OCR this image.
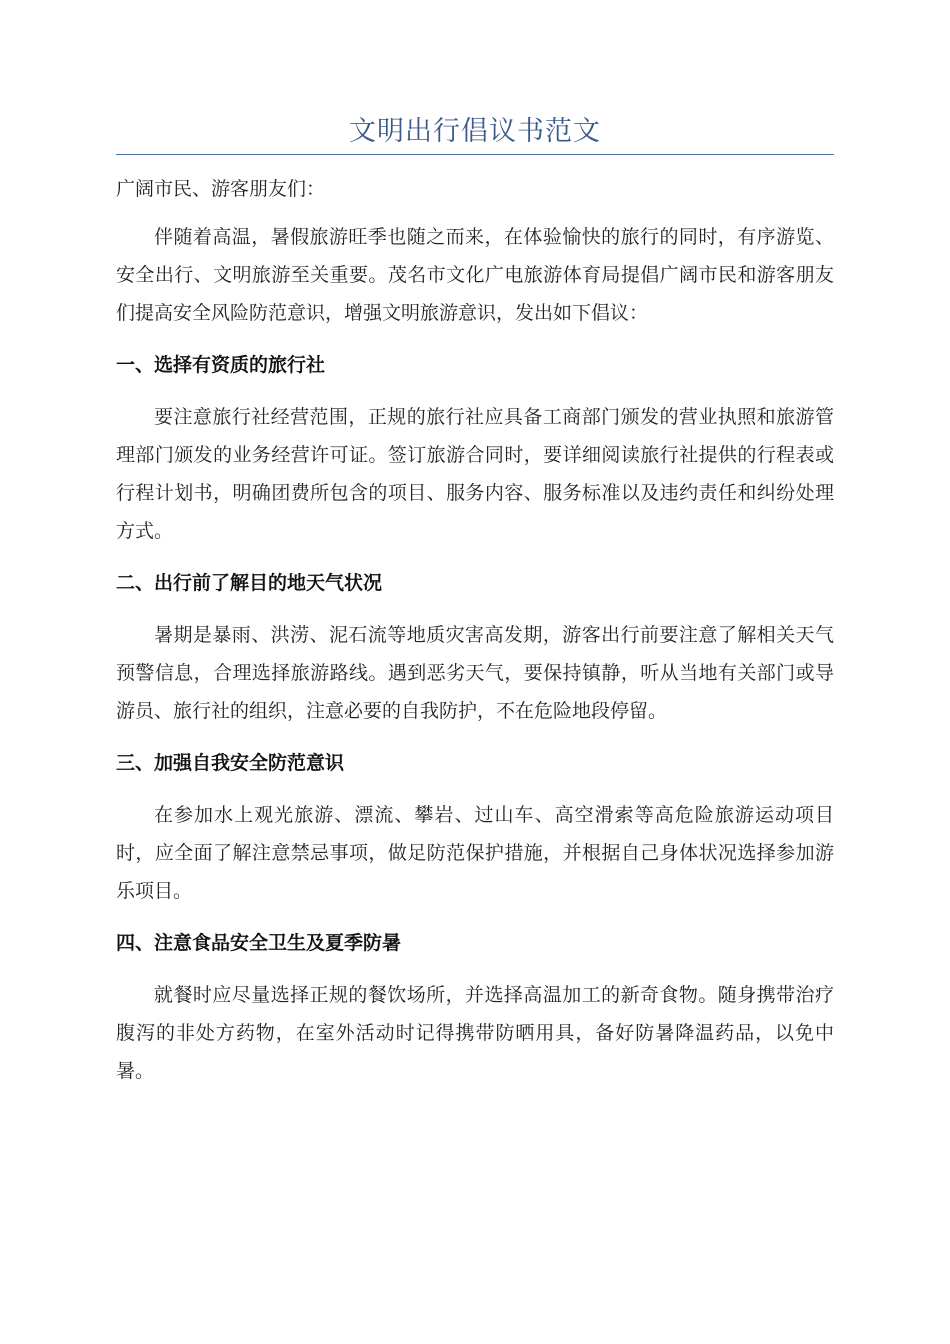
文明出行倡议书范文

广阔市民、游客朋友们：

伴随着高温，暑假旅游旺季也随之而来，在体验愉快的旅行的同时，有序游览、安全出行、文明旅游至关重要。茂名市文化广电旅游体育局提倡广阔市民和游客朋友们提高安全风险防范意识，增强文明旅游意识，发出如下倡议：

一、选择有资质的旅行社

要注意旅行社经营范围，正规的旅行社应具备工商部门颁发的营业执照和旅游管理部门颁发的业务经营许可证。签订旅游合同时，要详细阅读旅行社提供的行程表或行程计划书，明确团费所包含的项目、服务内容、服务标准以及违约责任和纠纷处理方式。

二、出行前了解目的地天气状况

暑期是暴雨、洪涝、泥石流等地质灾害高发期，游客出行前要注意了解相关天气预警信息，合理选择旅游路线。遇到恶劣天气，要保持镇静，听从当地有关部门或导游员、旅行社的组织，注意必要的自我防护，不在危险地段停留。

三、加强自我安全防范意识

在参加水上观光旅游、漂流、攀岩、过山车、高空滑索等高危险旅游运动项目时，应全面了解注意禁忌事项，做足防范保护措施，并根据自己身体状况选择参加游乐项目。

四、注意食品安全卫生及夏季防暑

就餐时应尽量选择正规的餐饮场所，并选择高温加工的新奇食物。随身携带治疗腹泻的非处方药物，在室外活动时记得携带防晒用具，备好防暑降温药品，以免中暑。
